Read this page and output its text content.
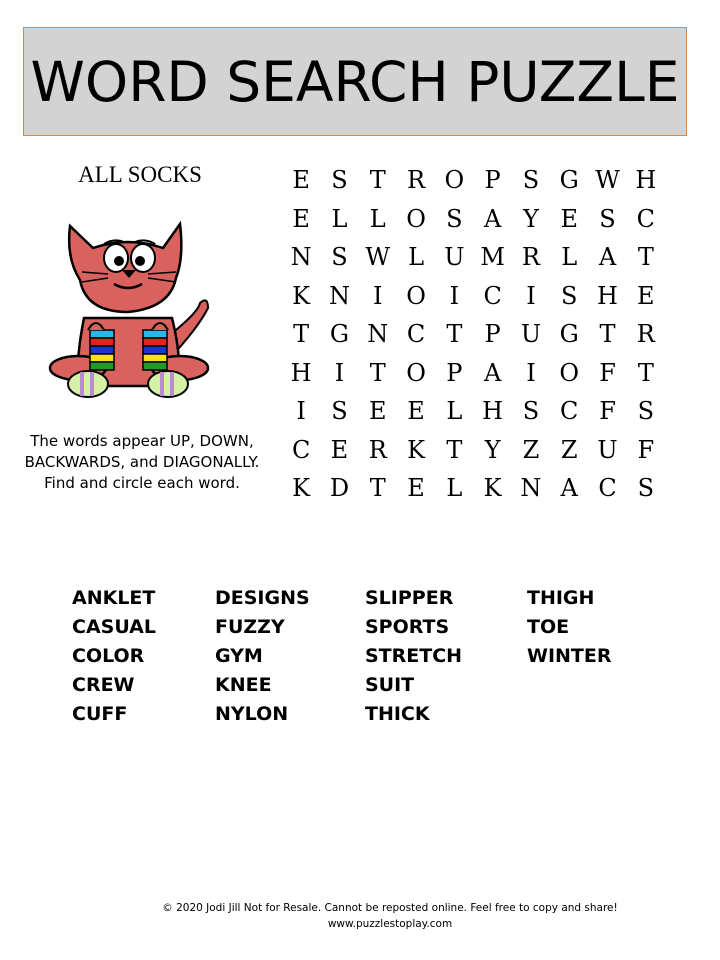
WORD SEARCH PUZZLE
ALL SOCKS
The words appear UP, DOWN,
BACKWARDS, and DIAGONALLY.
Find and circle each word.
E S T R O P S G W H
E L L O S A Y E S C
N S W L U M R L A T
K N I O I	C	I	S H E
T G N C T P U G T R
H I	T O P A	I O F T
I	S E E L H S C F S
C E R K T Y Z Z U F
K D T E L K N A C S
ANKLET
CASUAL
COLOR
CREW
CUFF
DESIGNS
FUZZY
GYM
KNEE
NYLON
SLIPPER
SPORTS
STRETCH
SUIT
THICK
THIGH
TOE
WINTER
© 2020 Jodi Jill Not for Resale. Cannot be reposted online. Feel free to copy and share!
www.puzzlestoplay.com
